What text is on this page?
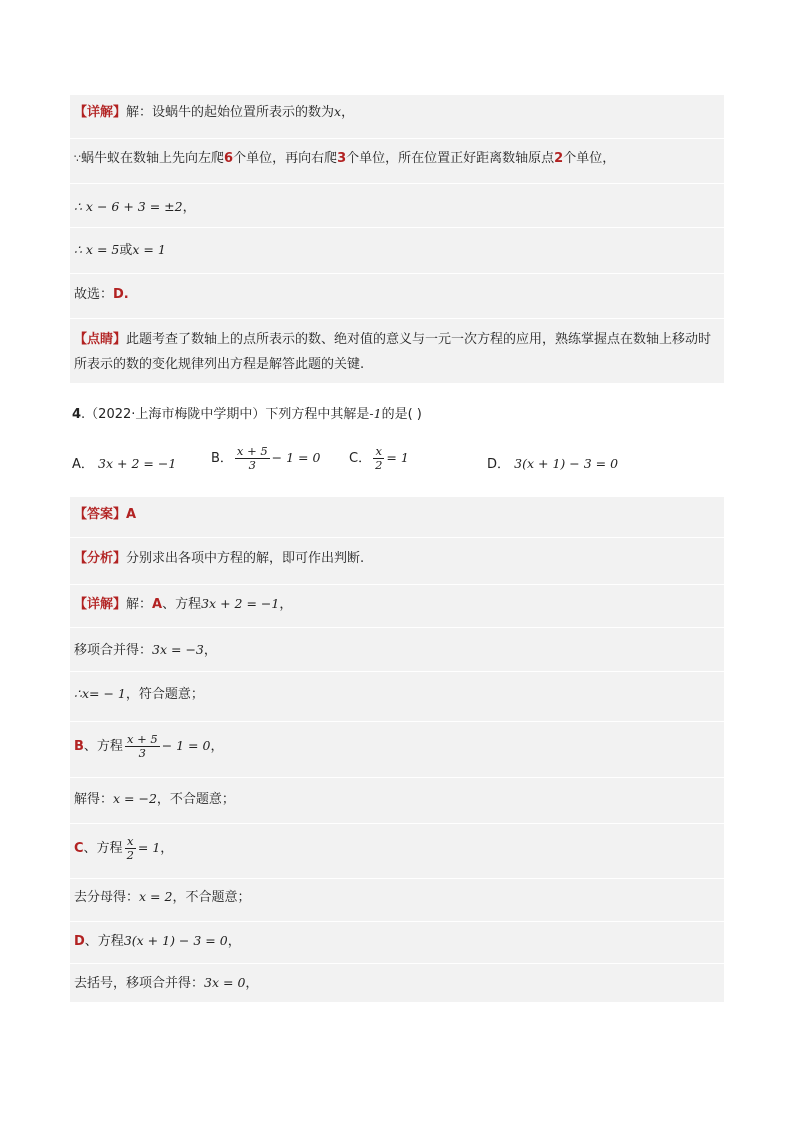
【详解】解：设蜗牛的起始位置所表示的数为x，
∵蜗牛蚁在数轴上先向左爬6个单位，再向右爬3个单位，所在位置正好距离数轴原点2个单位，
∴ x − 6 + 3 = ±2，
∴ x = 5或x = 1
故选：D.
【点睛】此题考查了数轴上的点所表示的数、绝对值的意义与一元一次方程的应用，熟练掌握点在数轴上移动时所表示的数的变化规律列出方程是解答此题的关键.
4.（2022·上海市梅陇中学期中）下列方程中其解是-1的是( )
A． 3x + 2 = −1	B． $\frac{x + 5}{3} - 1 = 0$ C． $\frac{x}{2} = 1$	D． 3(x + 1) − 3 = 0
【答案】A
【分析】分别求出各项中方程的解，即可作出判断.
【详解】解：A、方程3x + 2 = −1，
移项合并得：3x = −3，
∴x= − 1，符合题意；
B、方程 $\frac{x + 5}{3} - 1 = 0$，
解得：x = −2，不合题意；
C、方程 $\frac{x}{2} = 1$，
去分母得：x = 2，不合题意；
D、方程3(x + 1) − 3 = 0，
去括号，移项合并得：3x = 0，
